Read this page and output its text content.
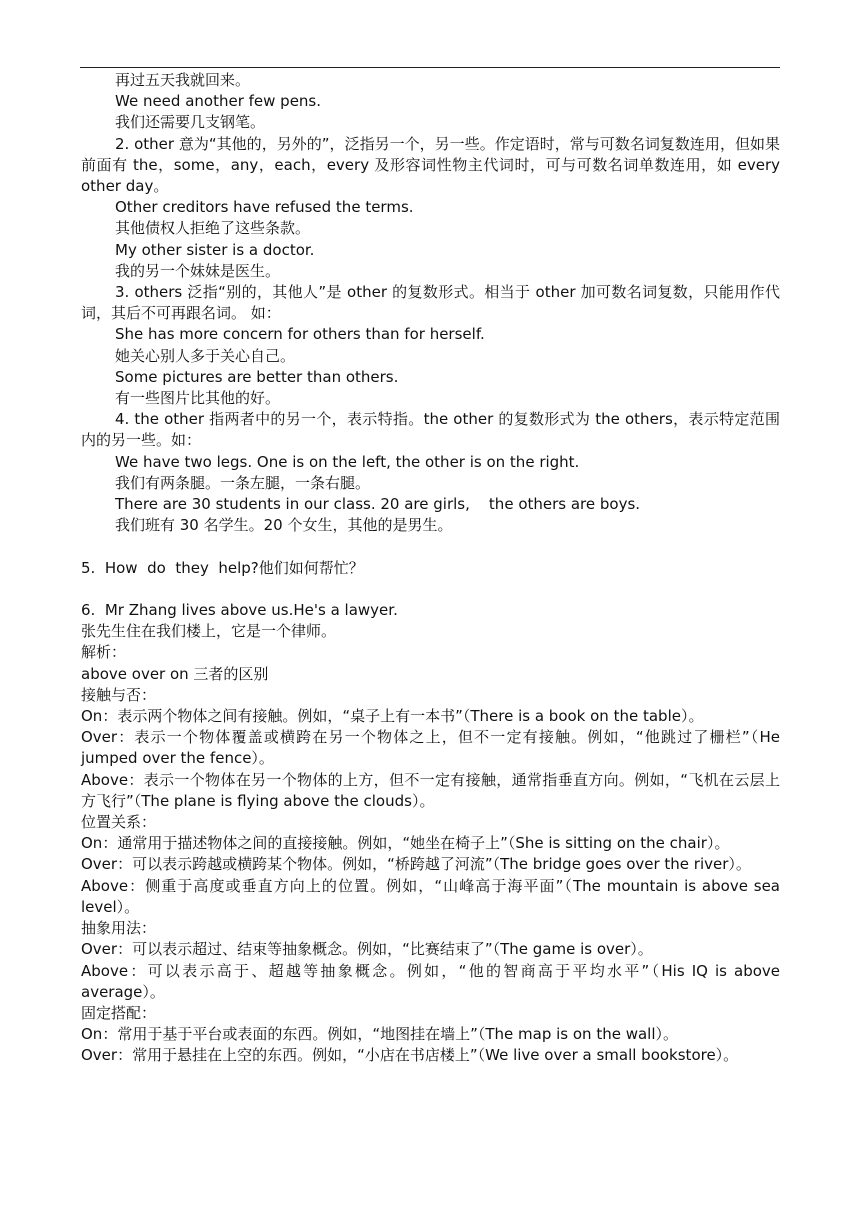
再过五天我就回来。

We need another few pens.

我们还需要几支钢笔。

2. other 意为“其他的，另外的”，泛指另一个，另一些。作定语时，常与可数名词复数连用，但如果前面有 the，some，any，each，every 及形容词性物主代词时，可与可数名词单数连用，如 every other day。

Other creditors have refused the terms.

其他债权人拒绝了这些条款。

My other sister is a doctor.

我的另一个妹妹是医生。

3. others 泛指“别的，其他人”是 other 的复数形式。相当于 other 加可数名词复数，只能用作代词，其后不可再跟名词。 如：

She has more concern for others than for herself.

她关心别人多于关心自己。

Some pictures are better than others.

有一些图片比其他的好。

4. the other 指两者中的另一个，表示特指。the other 的复数形式为 the others，表示特定范围内的另一些。如：

We have two legs. One is on the left, the other is on the right.

我们有两条腿。一条左腿，一条右腿。

There are 30 students in our class. 20 are girls,    the others are boys.

我们班有 30 名学生。20 个女生，其他的是男生。

5.  How  do  they  help?他们如何帮忙？

6.  Mr Zhang lives above us.He's a lawyer.

张先生住在我们楼上，它是一个律师。

解析：

above over on 三者的区别

接触与否：

On：表示两个物体之间有接触。例如，“桌子上有一本书”（There is a book on the table）。

Over：表示一个物体覆盖或横跨在另一个物体之上，但不一定有接触。例如，“他跳过了栅栏”（He jumped over the fence）。

Above：表示一个物体在另一个物体的上方，但不一定有接触，通常指垂直方向。例如，“飞机在云层上方飞行”（The plane is flying above the clouds）。

位置关系：

On：通常用于描述物体之间的直接接触。例如，“她坐在椅子上”（She is sitting on the chair）。

Over：可以表示跨越或横跨某个物体。例如，“桥跨越了河流”（The bridge goes over the river）。

Above：侧重于高度或垂直方向上的位置。例如，“山峰高于海平面”（The mountain is above sea level）。

抽象用法：

Over：可以表示超过、结束等抽象概念。例如，“比赛结束了”（The game is over）。

Above：可以表示高于、超越等抽象概念。例如，“他的智商高于平均水平”（His IQ is above average）。

固定搭配：

On：常用于基于平台或表面的东西。例如，“地图挂在墙上”（The map is on the wall）。

Over：常用于悬挂在上空的东西。例如，“小店在书店楼上”（We live over a small bookstore）。
